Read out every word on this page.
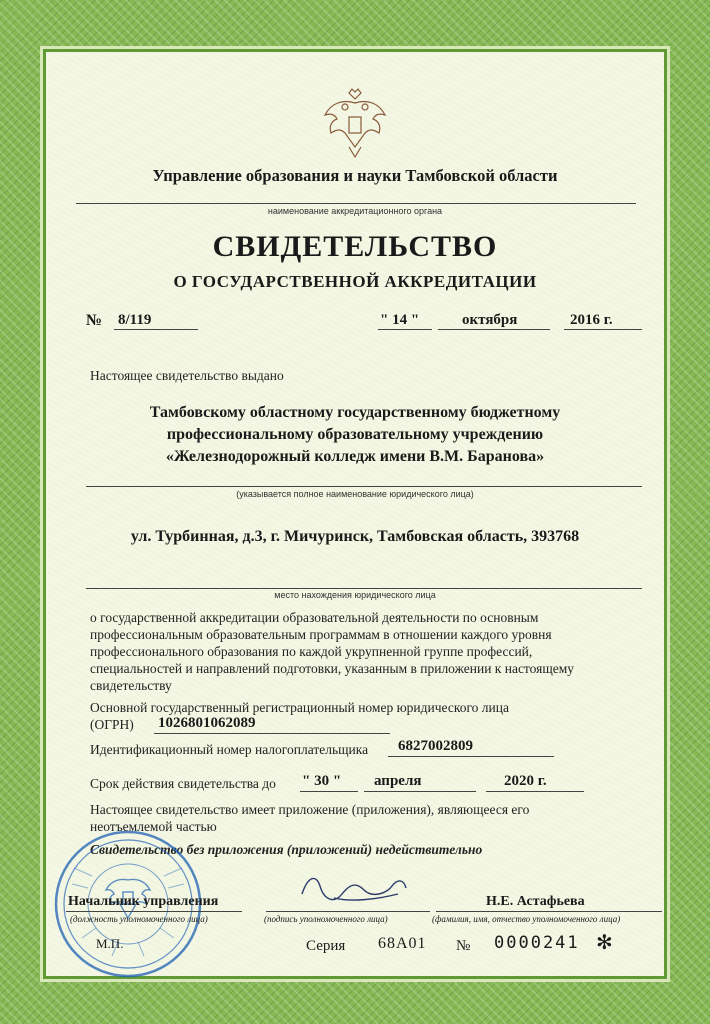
Управление образования и науки Тамбовской области
наименование аккредитационного органа
СВИДЕТЕЛЬСТВО
О ГОСУДАРСТВЕННОЙ АККРЕДИТАЦИИ
№ 8/119	" 14 "	октября	2016 г.
Настоящее свидетельство выдано
Тамбовскому областному государственному бюджетному
профессиональному образовательному учреждению
«Железнодорожный колледж имени В.М. Баранова»
(указывается полное наименование юридического лица)
ул. Турбинная, д.3, г. Мичуринск, Тамбовская область, 393768
место нахождения юридического лица
о государственной аккредитации образовательной деятельности по основным
профессиональным образовательным программам в отношении каждого уровня
профессионального образования по каждой укрупненной группе профессий,
специальностей и направлений подготовки, указанным в приложении к настоящему
свидетельству
Основной государственный регистрационный номер юридического лица
(ОГРН) 1026801062089
Идентификационный номер налогоплательщика 6827002809
Срок действия свидетельства до " 30 " апреля	2020 г.
Настоящее свидетельство имеет приложение (приложения), являющееся его
неотъемлемой частью
Свидетельство без приложения (приложений) недействительно
Начальник управления
(должность уполномоченного лица)	(подпись уполномоченного лица)
Н.Е. Астафьева
(фамилия, имя, отчество уполномоченного лица)
М.П.	Серия 68А01 № 0000241 ✻
